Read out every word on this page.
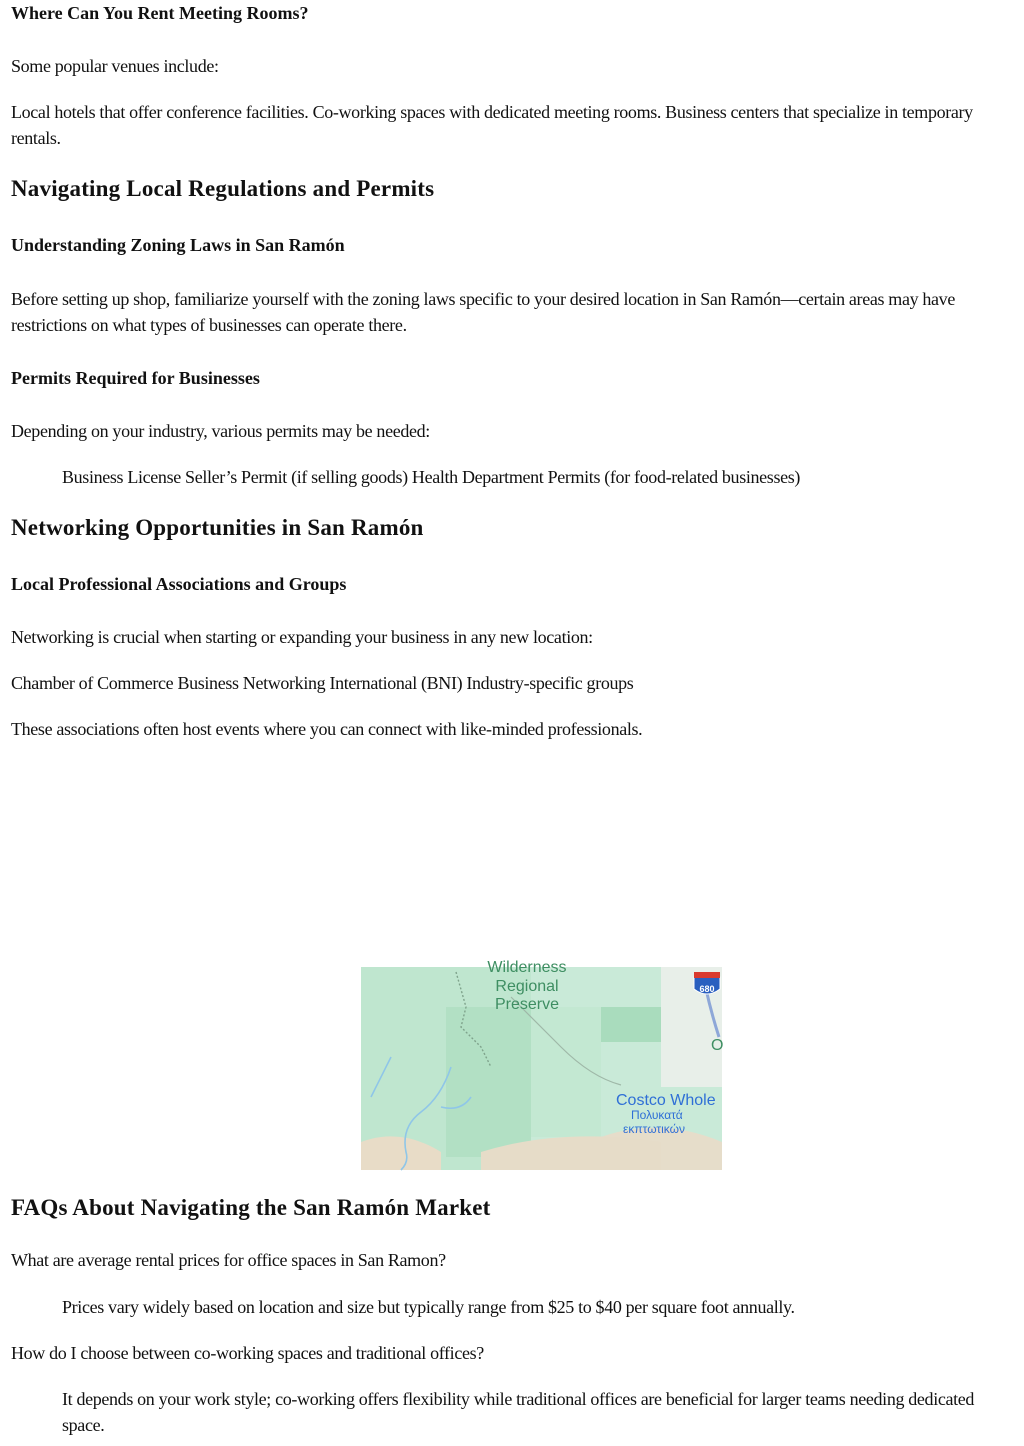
Where Can You Rent Meeting Rooms?

Some popular venues include:

Local hotels that offer conference facilities. Co-working spaces with dedicated meeting rooms. Business centers that specialize in temporary rentals.

Navigating Local Regulations and Permits
Understanding Zoning Laws in San Ramón

Before setting up shop, familiarize yourself with the zoning laws specific to your desired location in San Ramón—certain areas may have restrictions on what types of businesses can operate there.

Permits Required for Businesses

Depending on your industry, various permits may be needed:

Business License Seller’s Permit (if selling goods) Health Department Permits (for food-related businesses)

Networking Opportunities in San Ramón
Local Professional Associations and Groups

Networking is crucial when starting or expanding your business in any new location:

Chamber of Commerce Business Networking International (BNI) Industry-specific groups

These associations often host events where you can connect with like-minded professionals.

FAQs About Navigating the San Ramón Market

What are average rental prices for office spaces in San Ramon?

Prices vary widely based on location and size but typically range from $25 to $40 per square foot annually.

How do I choose between co-working spaces and traditional offices?

It depends on your work style; co-working offers flexibility while traditional offices are beneficial for larger teams needing dedicated space.

Wilderness
Regional
Preserve
680
O
Costco Whole
Πολυκατά
εκπτωτικών
